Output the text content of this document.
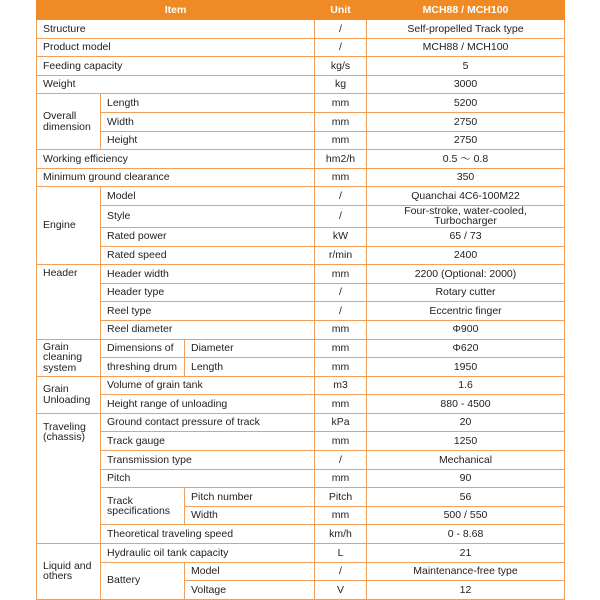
Item			Unit	MCH88 / MCH100
Structure			/	Self-propelled Track type
Product model			/	MCH88 / MCH100
Feeding capacity			kg/s	5
Weight			kg	3000
Overall dimension	Length		mm	5200
	Width		mm	2750
	Height		mm	2750
Working efficiency			hm2/h	0.5 ～ 0.8
Minimum ground clearance			mm	350
Engine	Model		/	Quanchai 4C6-100M22
	Style		/	Four-stroke, water-cooled, Turbocharger
	Rated power		kW	65 / 73
	Rated speed		r/min	2400
Header	Header width		mm	2200 (Optional: 2000)
	Header type		/	Rotary cutter
	Reel type		/	Eccentric finger
	Reel diameter		mm	Φ900
Grain cleaning system	Dimensions of	Diameter	mm	Φ620
	threshing drum	Length	mm	1950
Grain Unloading	Volume of grain tank		m3	1.6
	Height range of unloading		mm	880 - 4500
Traveling (chassis)	Ground contact pressure of track		kPa	20
	Track gauge		mm	1250
	Transmission type		/	Mechanical
	Pitch		mm	90
	Track specifications	Pitch number	Pitch	56
		Width	mm	500 / 550
	Theoretical traveling speed		km/h	0 - 8.68
Liquid and others	Hydraulic oil tank capacity		L	21
	Battery	Model	/	Maintenance-free type
		Voltage	V	12
